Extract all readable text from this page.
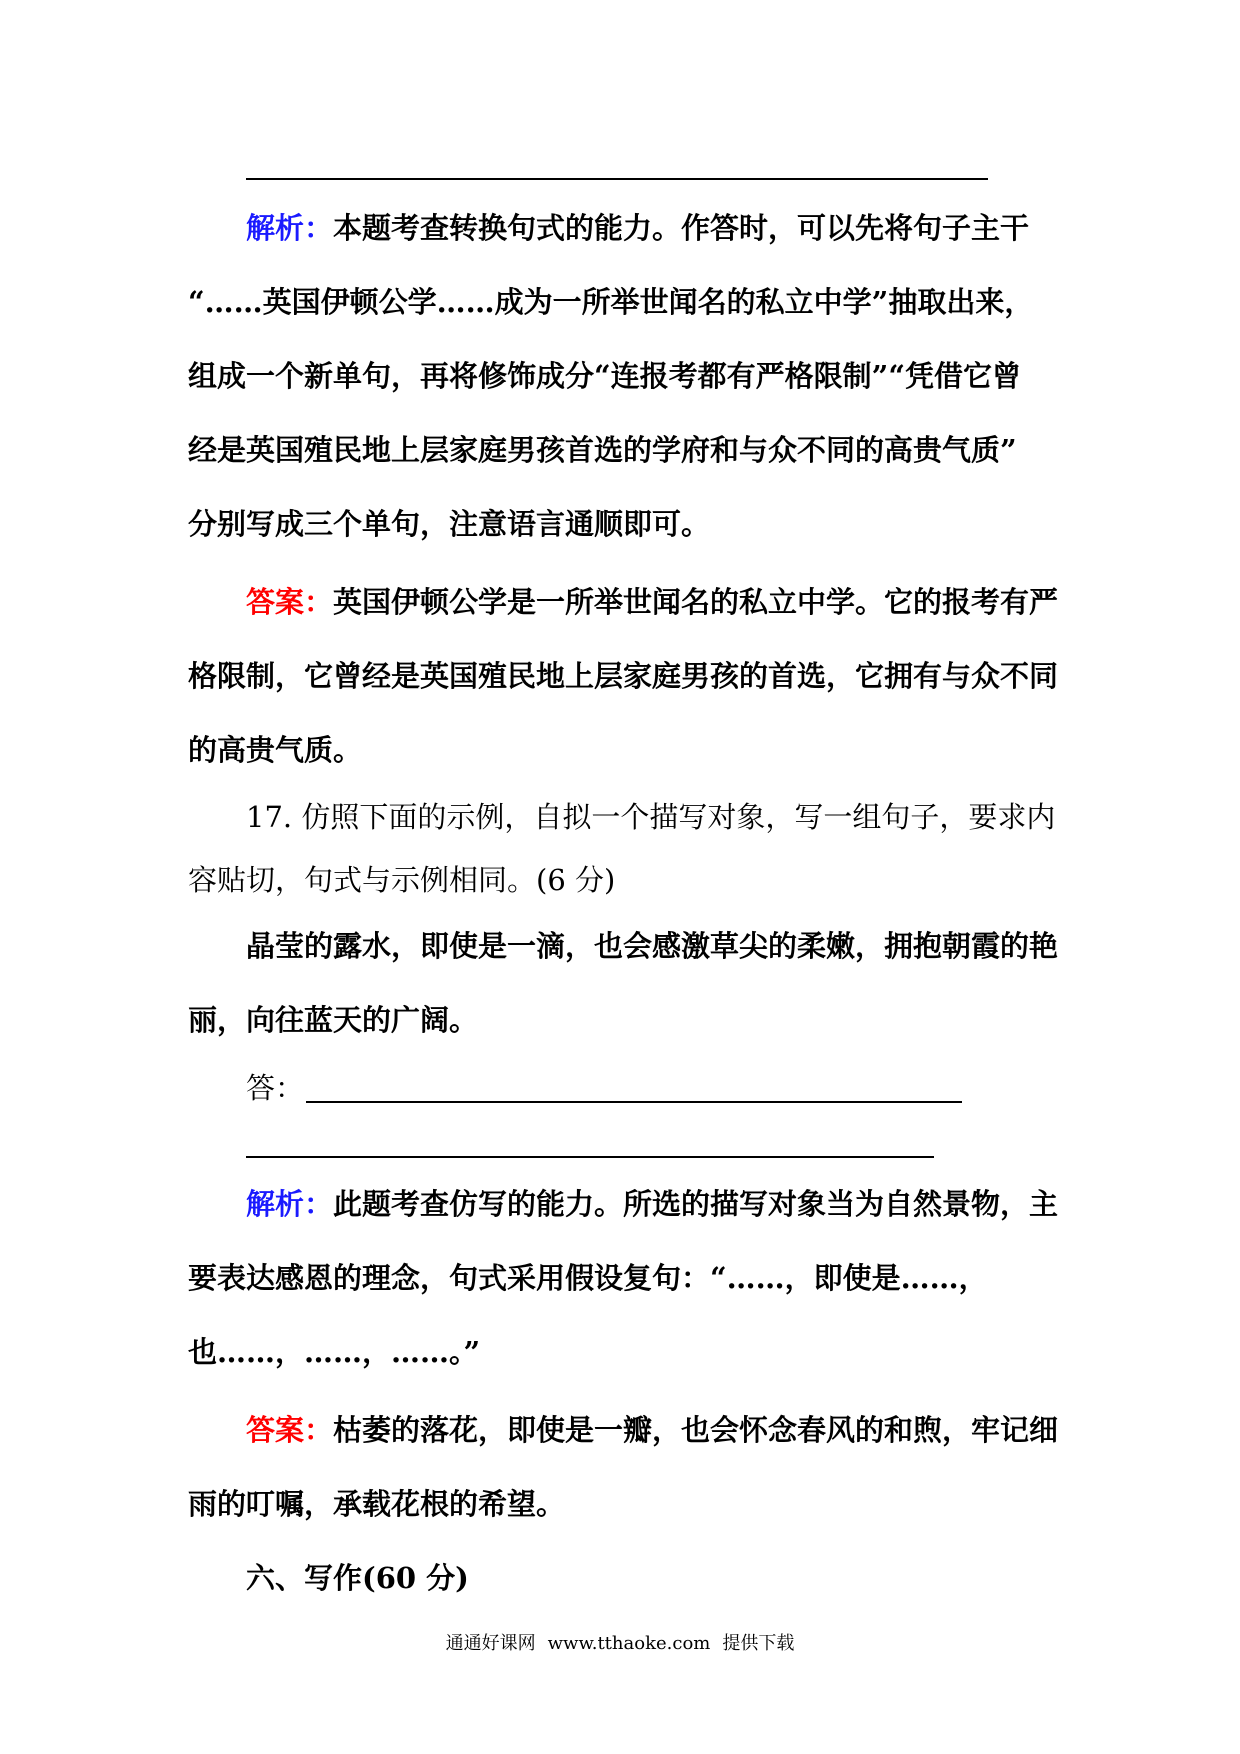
解析：本题考查转换句式的能力。作答时，可以先将句子主干
“……英国伊顿公学……成为一所举世闻名的私立中学”抽取出来，
组成一个新单句，再将修饰成分“连报考都有严格限制”“凭借它曾
经是英国殖民地上层家庭男孩首选的学府和与众不同的高贵气质”
分别写成三个单句，注意语言通顺即可。
答案：英国伊顿公学是一所举世闻名的私立中学。它的报考有严
格限制，它曾经是英国殖民地上层家庭男孩的首选，它拥有与众不同
的高贵气质。
17. 仿照下面的示例，自拟一个描写对象，写一组句子，要求内
容贴切，句式与示例相同。(6 分)
晶莹的露水，即使是一滴，也会感激草尖的柔嫩，拥抱朝霞的艳
丽，向往蓝天的广阔。
答：
解析：此题考查仿写的能力。所选的描写对象当为自然景物，主
要表达感恩的理念，句式采用假设复句：“……，即使是……，
也……，……，……。”
答案：枯萎的落花，即使是一瓣，也会怀念春风的和煦，牢记细
雨的叮嘱，承载花根的希望。
六、写作(60 分)
通通好课网 www.tthaoke.com 提供下载
